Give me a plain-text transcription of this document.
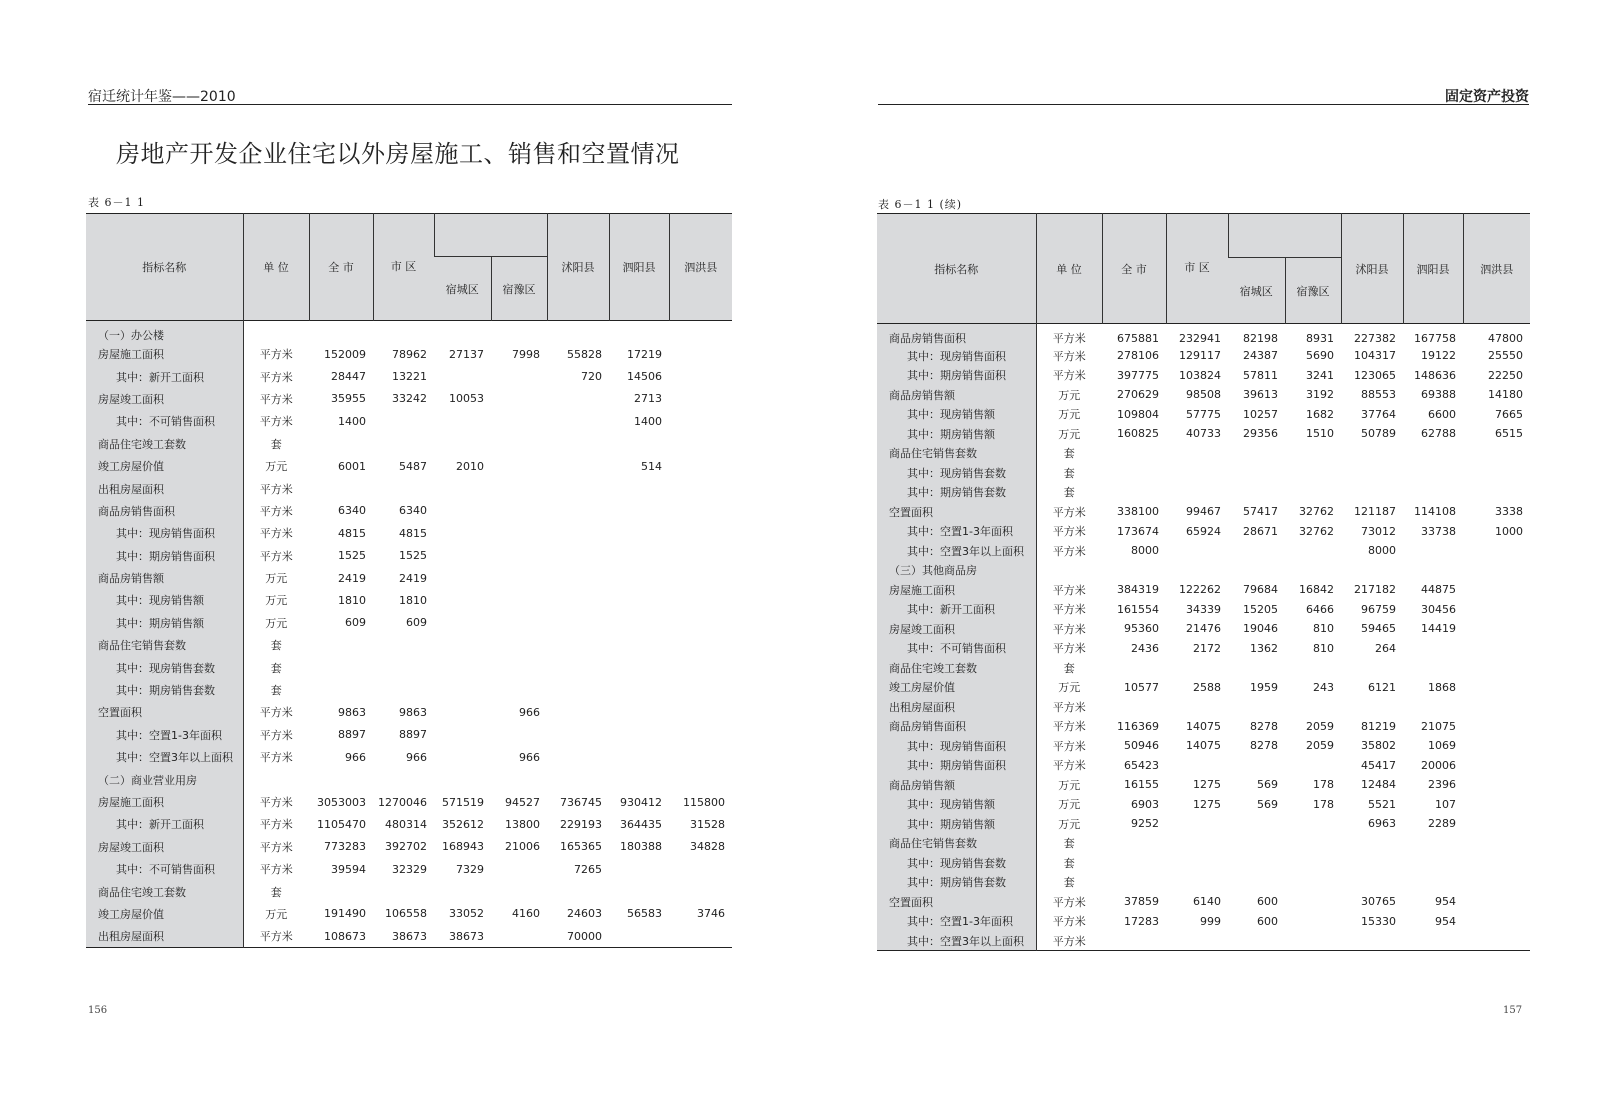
宿迁统计年鉴——2010
房地产开发企业住宅以外房屋施工、销售和空置情况
表 6－1 1
指标名称	单 位	全 市	市 区			沭阳县	泗阳县	泗洪县
				宿城区	宿豫区			
（一）办公楼								
房屋施工面积	平方米	152009	78962	27137	7998	55828	17219	
其中：新开工面积	平方米	28447	13221			720	14506	
房屋竣工面积	平方米	35955	33242	10053			2713	
其中：不可销售面积	平方米	1400					1400	
商品住宅竣工套数	套							
竣工房屋价值	万元	6001	5487	2010			514	
出租房屋面积	平方米							
商品房销售面积	平方米	6340	6340					
其中：现房销售面积	平方米	4815	4815					
其中：期房销售面积	平方米	1525	1525					
商品房销售额	万元	2419	2419					
其中：现房销售额	万元	1810	1810					
其中：期房销售额	万元	609	609					
商品住宅销售套数	套							
其中：现房销售套数	套							
其中：期房销售套数	套							
空置面积	平方米	9863	9863		966			
其中：空置1-3年面积	平方米	8897	8897					
其中：空置3年以上面积	平方米	966	966		966			
（二）商业营业用房								
房屋施工面积	平方米	3053003	1270046	571519	94527	736745	930412	115800
其中：新开工面积	平方米	1105470	480314	352612	13800	229193	364435	31528
房屋竣工面积	平方米	773283	392702	168943	21006	165365	180388	34828
其中：不可销售面积	平方米	39594	32329	7329		7265		
商品住宅竣工套数	套							
竣工房屋价值	万元	191490	106558	33052	4160	24603	56583	3746
出租房屋面积	平方米	108673	38673	38673		70000		
156
固定资产投资
表 6－1 1 (续)
指标名称	单 位	全 市	市 区			沭阳县	泗阳县	泗洪县
				宿城区	宿豫区			
商品房销售面积	平方米	675881	232941	82198	8931	227382	167758	47800
其中：现房销售面积	平方米	278106	129117	24387	5690	104317	19122	25550
其中：期房销售面积	平方米	397775	103824	57811	3241	123065	148636	22250
商品房销售额	万元	270629	98508	39613	3192	88553	69388	14180
其中：现房销售额	万元	109804	57775	10257	1682	37764	6600	7665
其中：期房销售额	万元	160825	40733	29356	1510	50789	62788	6515
商品住宅销售套数	套							
其中：现房销售套数	套							
其中：期房销售套数	套							
空置面积	平方米	338100	99467	57417	32762	121187	114108	3338
其中：空置1-3年面积	平方米	173674	65924	28671	32762	73012	33738	1000
其中：空置3年以上面积	平方米	8000				8000		
（三）其他商品房								
房屋施工面积	平方米	384319	122262	79684	16842	217182	44875	
其中：新开工面积	平方米	161554	34339	15205	6466	96759	30456	
房屋竣工面积	平方米	95360	21476	19046	810	59465	14419	
其中：不可销售面积	平方米	2436	2172	1362	810	264		
商品住宅竣工套数	套							
竣工房屋价值	万元	10577	2588	1959	243	6121	1868	
出租房屋面积	平方米							
商品房销售面积	平方米	116369	14075	8278	2059	81219	21075	
其中：现房销售面积	平方米	50946	14075	8278	2059	35802	1069	
其中：期房销售面积	平方米	65423				45417	20006	
商品房销售额	万元	16155	1275	569	178	12484	2396	
其中：现房销售额	万元	6903	1275	569	178	5521	107	
其中：期房销售额	万元	9252				6963	2289	
商品住宅销售套数	套							
其中：现房销售套数	套							
其中：期房销售套数	套							
空置面积	平方米	37859	6140	600		30765	954	
其中：空置1-3年面积	平方米	17283	999	600		15330	954	
其中：空置3年以上面积	平方米							
157
